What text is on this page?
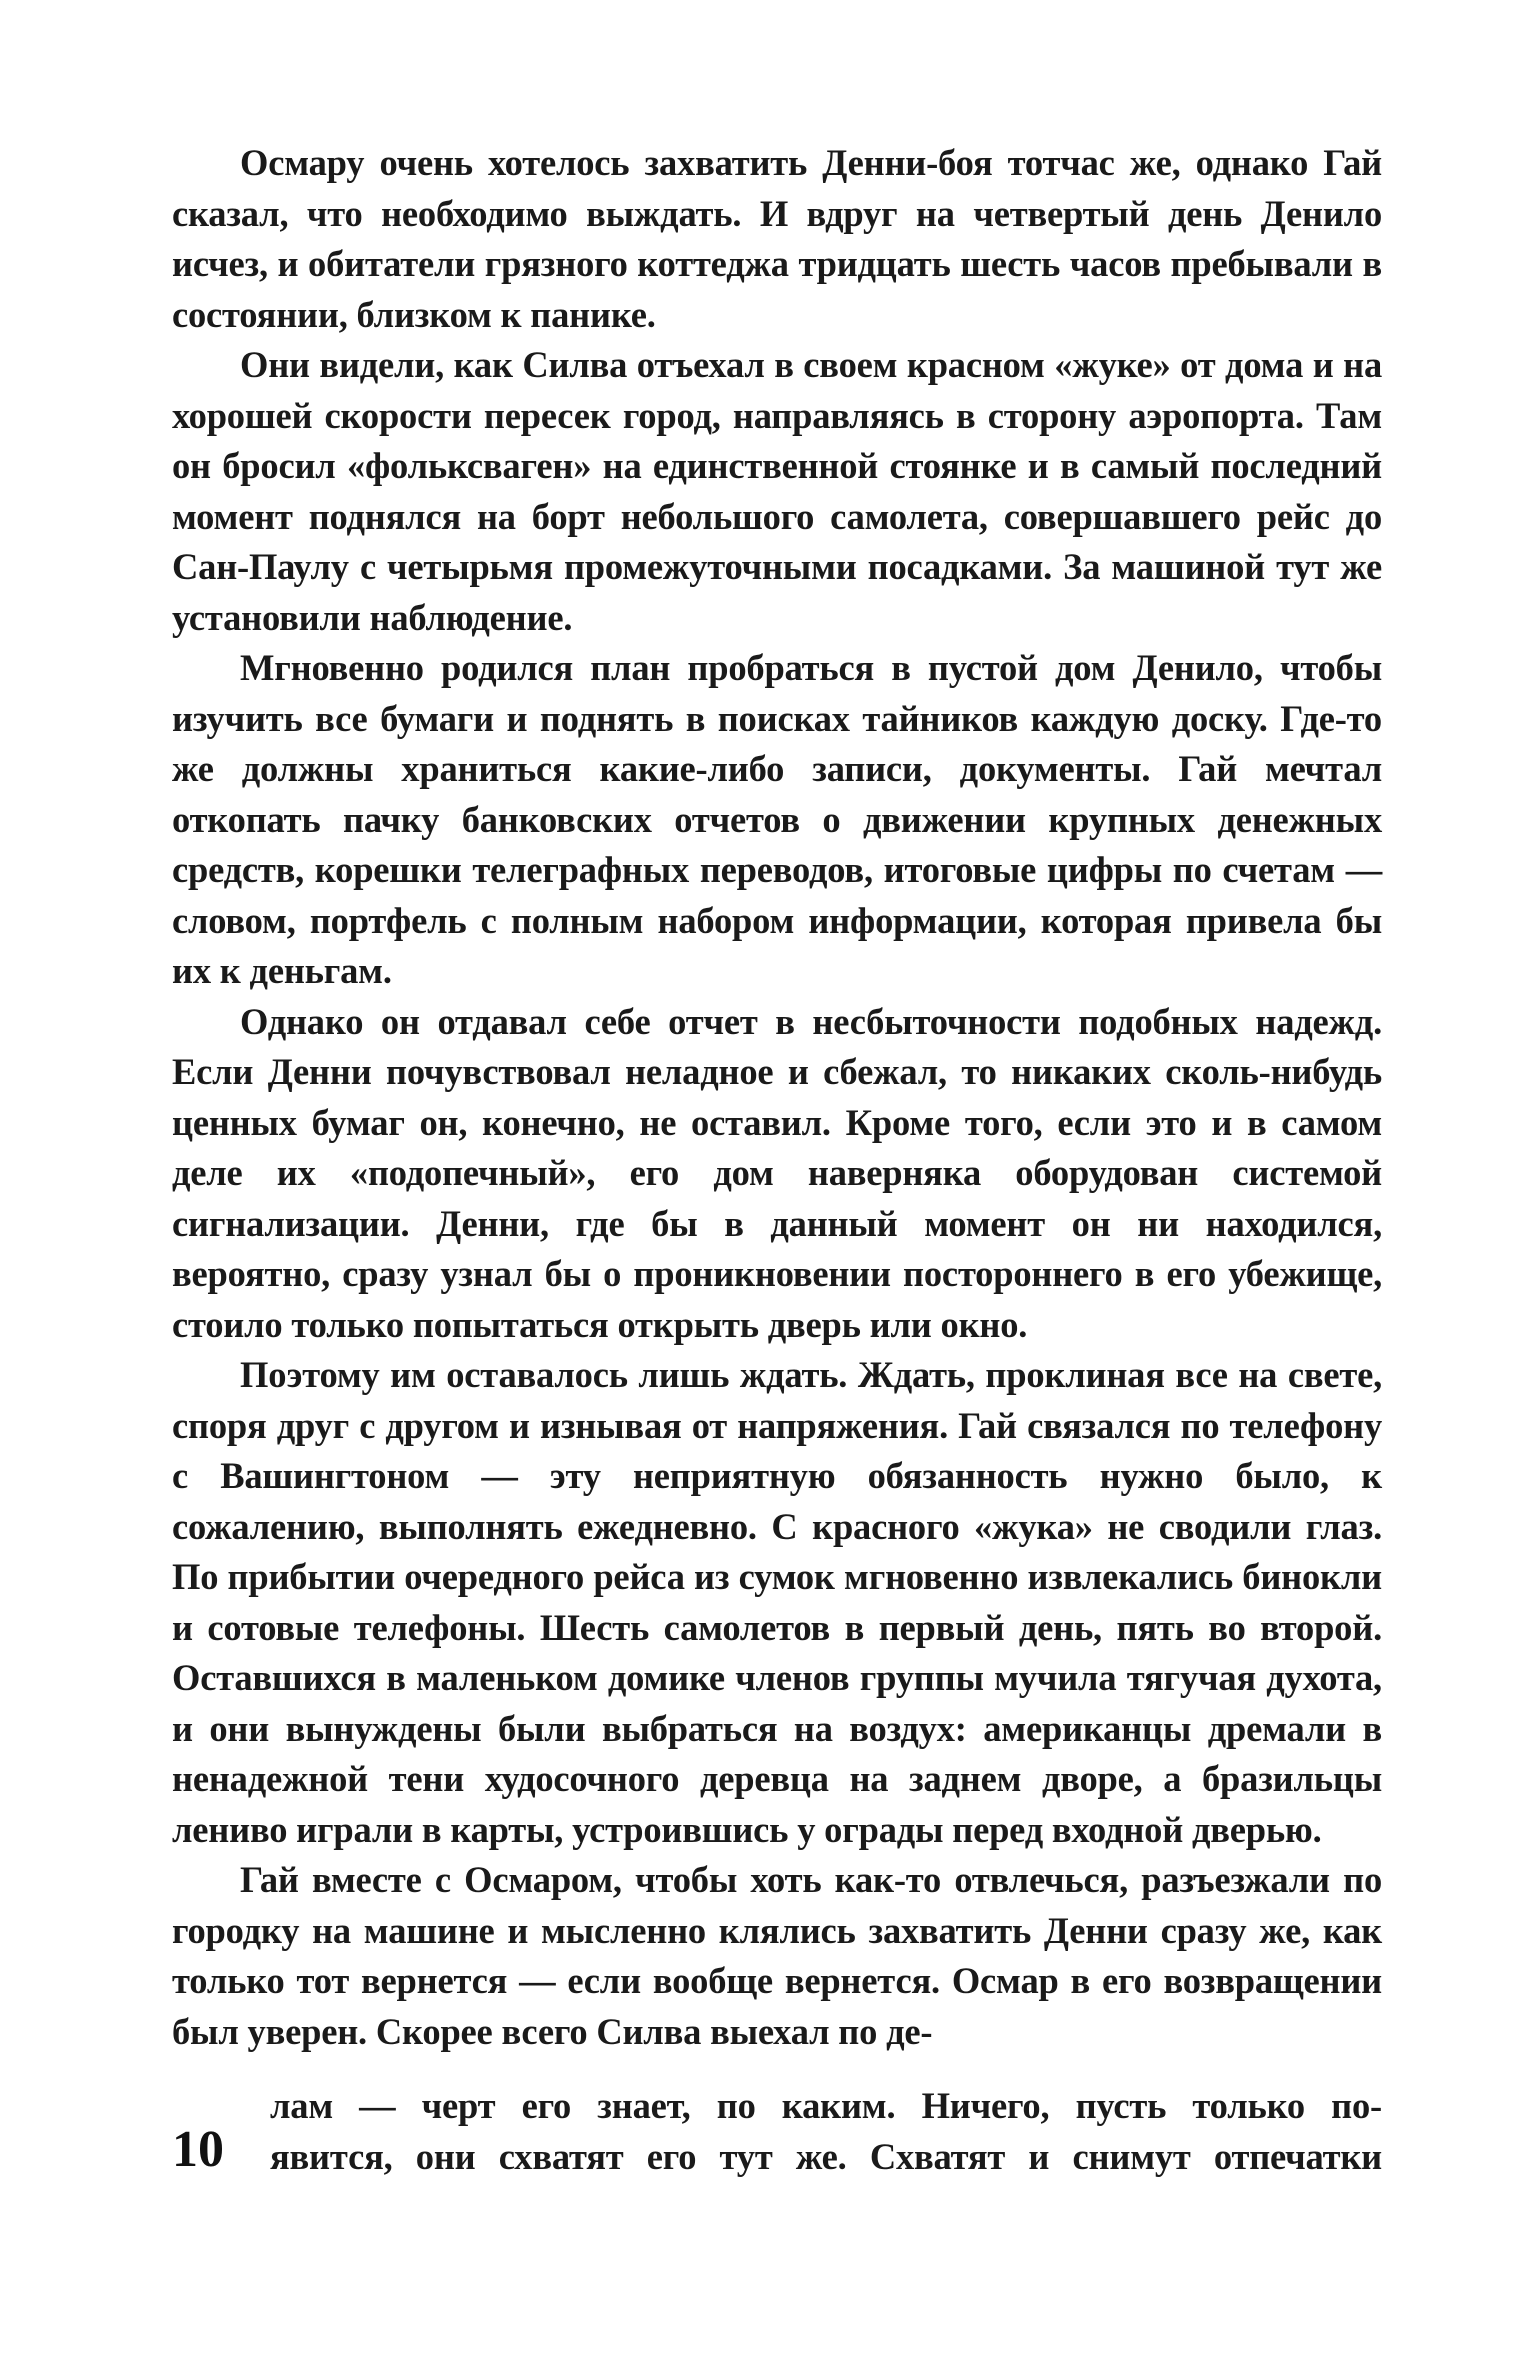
Осмару очень хотелось захватить Денни-боя тотчас же, однако Гай сказал, что необходимо выждать. И вдруг на четвертый день Денило исчез, и обитатели грязного коттеджа тридцать шесть часов пребывали в состоянии, близком к панике.

Они видели, как Силва отъехал в своем красном «жуке» от дома и на хорошей скорости пересек город, направляясь в сторону аэропорта. Там он бросил «фольксваген» на единственной стоянке и в самый последний момент поднялся на борт небольшого самолета, совершавшего рейс до Сан-Паулу с четырьмя промежуточными посадками. За машиной тут же установили наблюдение.

Мгновенно родился план пробраться в пустой дом Денило, чтобы изучить все бумаги и поднять в поисках тайников каждую доску. Где-то же должны храниться какие-либо записи, документы. Гай мечтал откопать пачку банковских отчетов о движении крупных денежных средств, корешки телеграфных переводов, итоговые цифры по счетам — словом, портфель с полным набором информации, которая привела бы их к деньгам.

Однако он отдавал себе отчет в несбыточности подобных надежд. Если Денни почувствовал неладное и сбежал, то никаких сколь-нибудь ценных бумаг он, конечно, не оставил. Кроме того, если это и в самом деле их «подопечный», его дом наверняка оборудован системой сигнализации. Денни, где бы в данный момент он ни находился, вероятно, сразу узнал бы о проникновении постороннего в его убежище, стоило только попытаться открыть дверь или окно.

Поэтому им оставалось лишь ждать. Ждать, проклиная все на свете, споря друг с другом и изнывая от напряжения. Гай связался по телефону с Вашингтоном — эту неприятную обязанность нужно было, к сожалению, выполнять ежедневно. С красного «жука» не сводили глаз. По прибытии очередного рейса из сумок мгновенно извлекались бинокли и сотовые телефоны. Шесть самолетов в первый день, пять во второй. Оставшихся в маленьком домике членов группы мучила тягучая духота, и они вынуждены были выбраться на воздух: американцы дремали в ненадежной тени худосочного деревца на заднем дворе, а бразильцы лениво играли в карты, устроившись у ограды перед входной дверью.

Гай вместе с Осмаром, чтобы хоть как-то отвлечься, разъезжали по городку на машине и мысленно клялись захватить Денни сразу же, как только тот вернется — если вообще вернется. Осмар в его возвращении был уверен. Скорее всего Силва выехал по де-

лам — черт его знает, по каким. Ничего, пусть только по-
явится, они схватят его тут же. Схватят и снимут отпечатки
10
